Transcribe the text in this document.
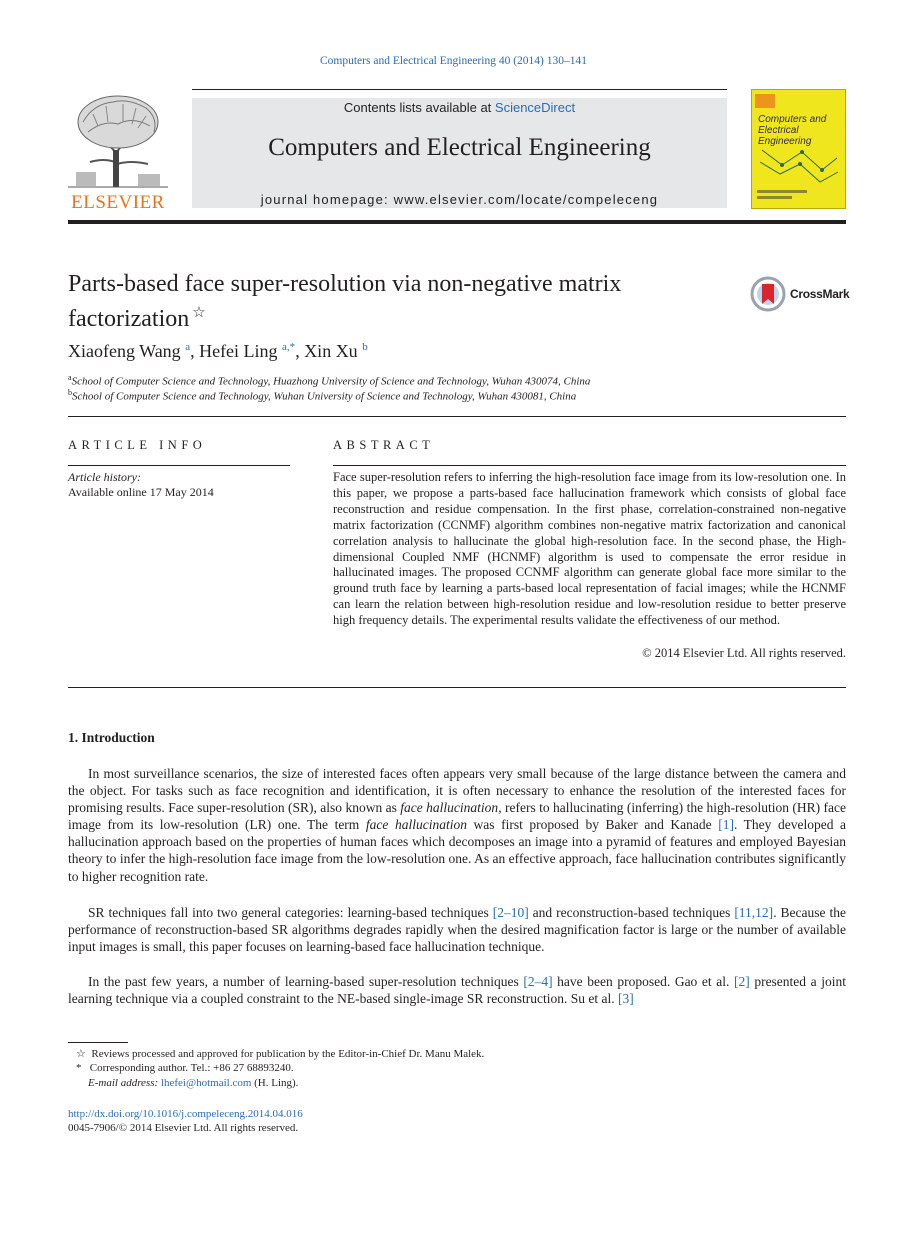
Computers and Electrical Engineering 40 (2014) 130–141
ELSEVIER
Contents lists available at ScienceDirect
Computers and Electrical Engineering
journal homepage: www.elsevier.com/locate/compeleceng
Computers and
Electrical Engineering
Parts-based face super-resolution via non-negative matrix
factorization ☆
CrossMark
Xiaofeng Wang $^a$, Hefei Ling $^{a,*}$, Xin Xu $^b$
$^a$School of Computer Science and Technology, Huazhong University of Science and Technology, Wuhan 430074, China
$^b$School of Computer Science and Technology, Wuhan University of Science and Technology, Wuhan 430081, China
ARTICLE INFO
Article history:
Available online 17 May 2014
ABSTRACT
Face super-resolution refers to inferring the high-resolution face image from its low-resolution one. In this paper, we propose a parts-based face hallucination framework which consists of global face reconstruction and residue compensation. In the first phase, correlation-constrained non-negative matrix factorization (CCNMF) algorithm combines non-negative matrix factorization and canonical correlation analysis to hallucinate the global high-resolution face. In the second phase, the High-dimensional Coupled NMF (HCNMF) algorithm is used to compensate the error residue in hallucinated images. The proposed CCNMF algorithm can generate global face more similar to the ground truth face by learning a parts-based local representation of facial images; while the HCNMF can learn the relation between high-resolution residue and low-resolution residue to better preserve high frequency details. The experimental results validate the effectiveness of our method.
© 2014 Elsevier Ltd. All rights reserved.
1. Introduction
In most surveillance scenarios, the size of interested faces often appears very small because of the large distance between the camera and the object. For tasks such as face recognition and identification, it is often necessary to enhance the resolution of the interested faces for promising results. Face super-resolution (SR), also known as face hallucination, refers to hallucinating (inferring) the high-resolution (HR) face image from its low-resolution (LR) one. The term face hallucination was first proposed by Baker and Kanade [1]. They developed a hallucination approach based on the properties of human faces which decomposes an image into a pyramid of features and employed Bayesian theory to infer the high-resolution face image from the low-resolution one. As an effective approach, face hallucination contributes significantly to higher recognition rate.
SR techniques fall into two general categories: learning-based techniques [2–10] and reconstruction-based techniques [11,12]. Because the performance of reconstruction-based SR algorithms degrades rapidly when the desired magnification factor is large or the number of available input images is small, this paper focuses on learning-based face hallucination technique.
In the past few years, a number of learning-based super-resolution techniques [2–4] have been proposed. Gao et al. [2] presented a joint learning technique via a coupled constraint to the NE-based single-image SR reconstruction. Su et al. [3]
☆ Reviews processed and approved for publication by the Editor-in-Chief Dr. Manu Malek.
* Corresponding author. Tel.: +86 27 68893240.
E-mail address: lhefei@hotmail.com (H. Ling).
http://dx.doi.org/10.1016/j.compeleceng.2014.04.016
0045-7906/© 2014 Elsevier Ltd. All rights reserved.
